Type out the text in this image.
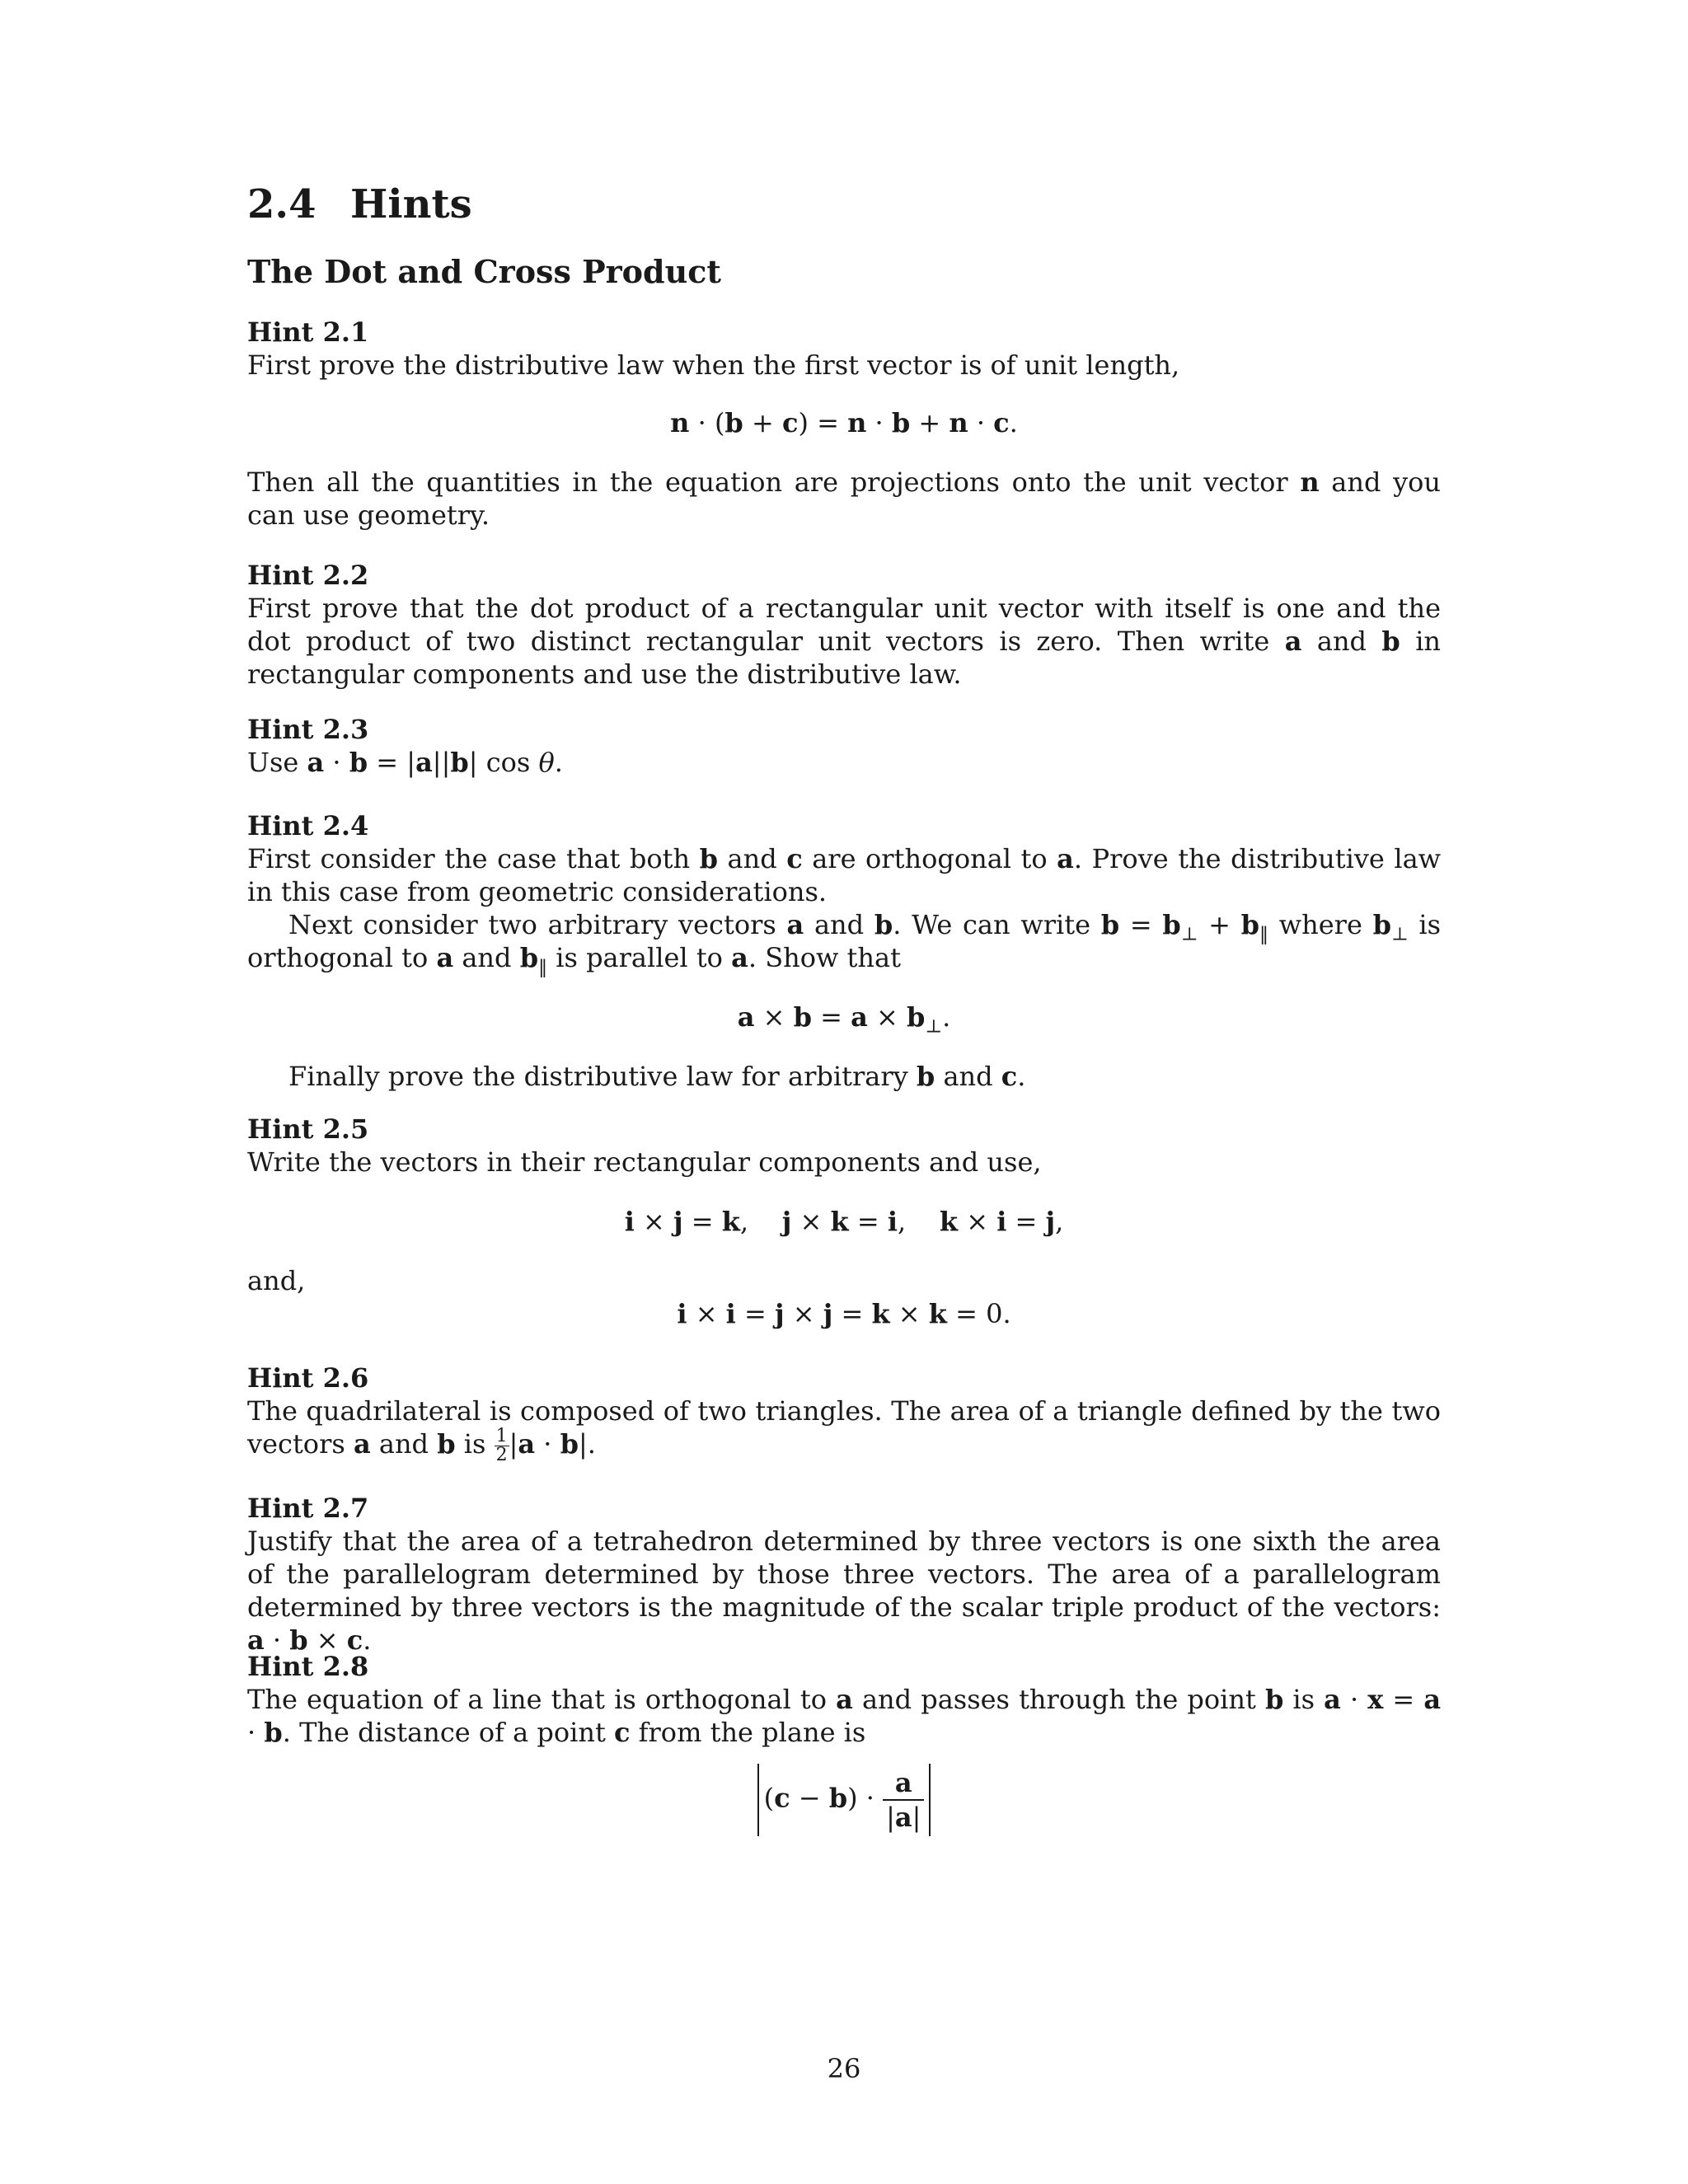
2.4 Hints
The Dot and Cross Product
Hint 2.1

First prove the distributive law when the first vector is of unit length,

n · (b + c) = n · b + n · c.

Then all the quantities in the equation are projections onto the unit vector n and you can use geometry.

Hint 2.2

First prove that the dot product of a rectangular unit vector with itself is one and the dot product of two distinct rectangular unit vectors is zero. Then write a and b in rectangular components and use the distributive law.

Hint 2.3

Use a · b = |a||b| cos θ.

Hint 2.4

First consider the case that both b and c are orthogonal to a. Prove the distributive law in this case from geometric considerations.

Next consider two arbitrary vectors a and b. We can write $b = b_\perp + b_‖$ where $b_\perp$ is orthogonal to a and $b_‖$ is parallel to a. Show that

$a \times b = a \times b_\perp$.

Finally prove the distributive law for arbitrary b and c.

Hint 2.5

Write the vectors in their rectangular components and use,

i × j = k, j × k = i, k × i = j,

and,

i × i = j × j = k × k = 0.
Hint 2.6

The quadrilateral is composed of two triangles. The area of a triangle defined by the two vectors a and b is $\frac{1}{2} |a \cdot b|$.

Hint 2.7

Justify that the area of a tetrahedron determined by three vectors is one sixth the area of the parallelogram determined by those three vectors. The area of a parallelogram determined by three vectors is the magnitude of the scalar triple product of the vectors: a · b × c.

Hint 2.8

The equation of a line that is orthogonal to a and passes through the point b is a · x = a · b. The distance of a point c from the plane is

$(c - b) \cdot \frac{a}{|a|}$
26
